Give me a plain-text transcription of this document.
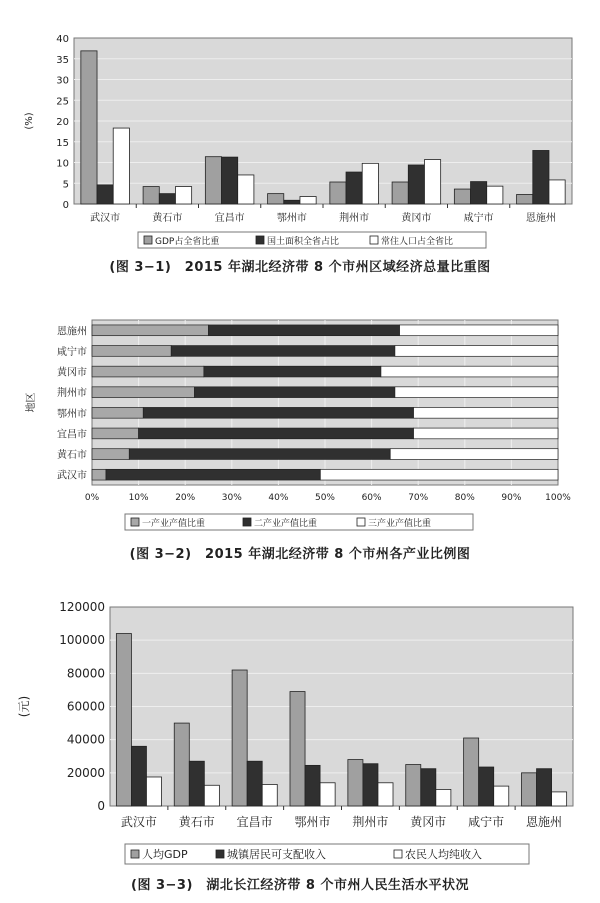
0
5
10
15
20
25
30
35
40
(%)
武汉市	黄石市	宜昌市	鄂州市	荆州市	黄冈市	咸宁市	恩施州
GDP占全省比重	国土面积全省占比	常住人口占全省比
(图 3−1)　2015 年湖北经济带 8 个市州区域经济总量比重图
0%	10%	20%	30%	40%	50%	60%	70%	80%	90%	100%
地区
恩施州
咸宁市
黄冈市
荆州市
鄂州市
宜昌市
黄石市
武汉市
一产业产值比重	二产业产值比重	三产业产值比重
(图 3−2)　2015 年湖北经济带 8 个市州各产业比例图
0
20000
40000
60000
80000
100000
120000
(元)
武汉市 黄石市 宜昌市 鄂州市 荆州市 黄冈市 咸宁市 恩施州
人均GDP	城镇居民可支配收入	农民人均纯收入
(图 3−3)　湖北长江经济带 8 个市州人民生活水平状况
